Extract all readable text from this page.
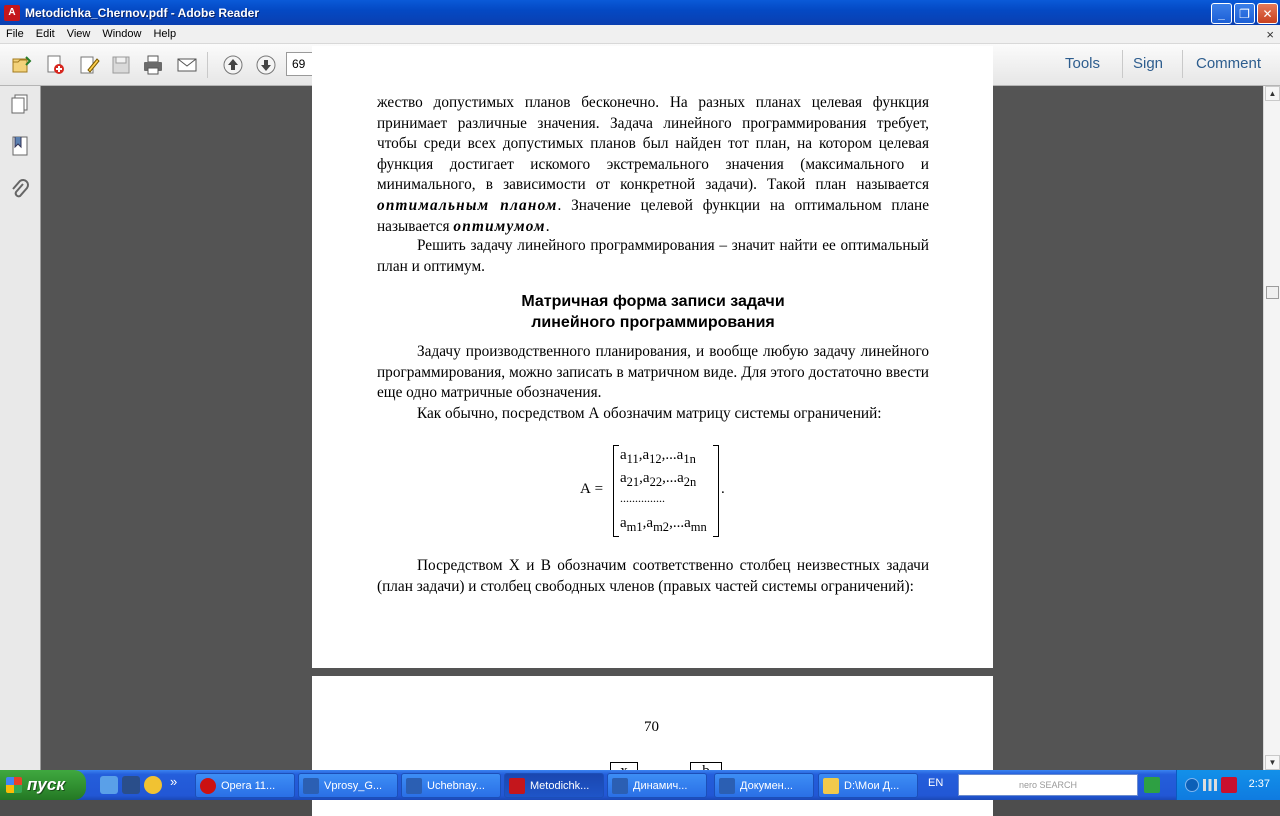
A Metodichka_Chernov.pdf - Adobe Reader	_	❐	✕
File	Edit	View	Window	Help	×
69	Tools Sign Comment
жество допустимых планов бесконечно. На разных планах целевая функция принимает различные значения. Задача линейного программирования требует, чтобы среди всех допустимых планов был найден тот план, на котором целевая функция достигает искомого экстремального значения (максимального и минимального, в зависимости от конкретной задачи). Такой план называется оптимальным планом. Значение целевой функции на оптимальном плане называется оптимумом.
Решить задачу линейного программирования – значит найти ее оптимальный план и оптимум.
Матричная форма записи задачи
линейного программирования
Задачу производственного планирования, и вообще любую задачу линейного программирования, можно записать в матричном виде. Для этого достаточно ввести еще одно матричные обозначения.
Как обычно, посредством А обозначим матрицу системы ограничений:
А =
$a_{11},a_{12},...a_{1n}$
$a_{21},a_{22},...a_{2n}$
...............
$a_{m1},a_{m2},...a_{mn}$
.
Посредством X и B обозначим соответственно столбец неизвестных задачи (план задачи) и столбец свободных членов (правых частей системы ограничений):
70
▲
▼
пуск	»	Opera 11...	Vprosy_G...	Uchebnay...	Metodichk...	Динамич...	Докумен...	D:\Мои Д...	EN	nero SEARCH	2:37
